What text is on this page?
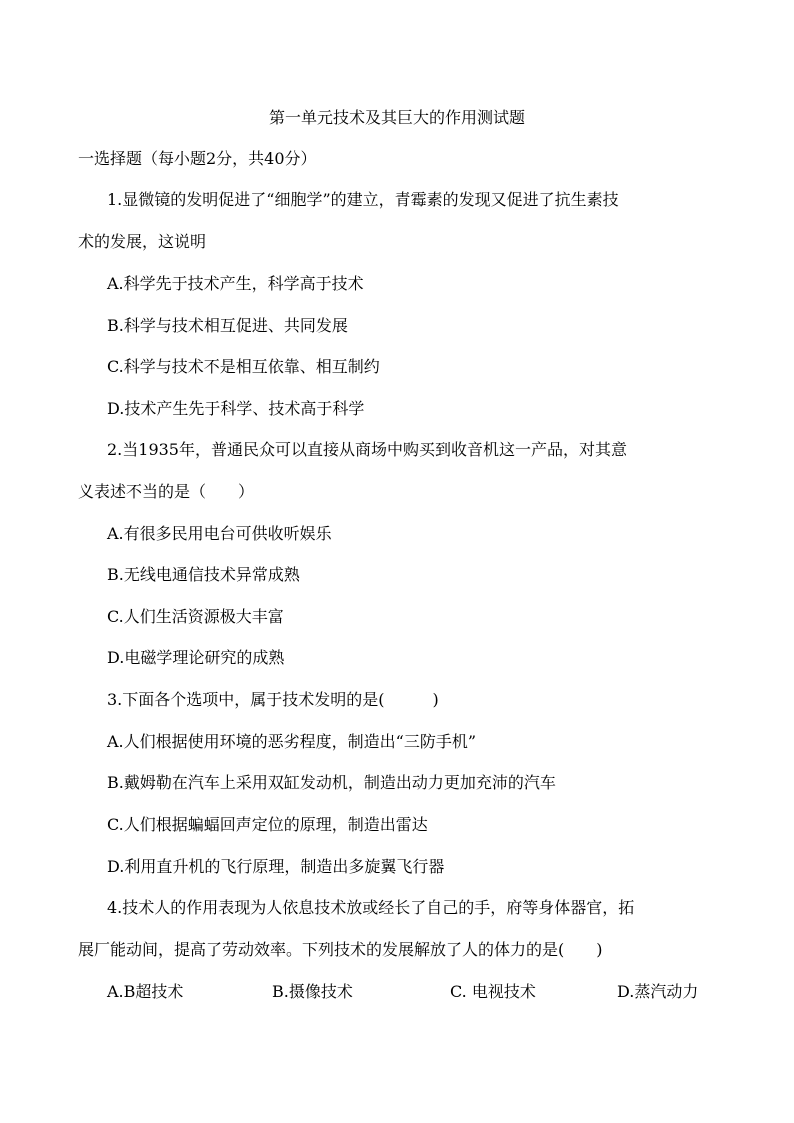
第一单元技术及其巨大的作用测试题
一选择题（每小题2分，共40分）
1.显微镜的发明促进了“细胞学”的建立，青霉素的发现又促进了抗生素技
术的发展，这说明
A.科学先于技术产生，科学高于技术
B.科学与技术相互促进、共同发展
C.科学与技术不是相互依靠、相互制约
D.技术产生先于科学、技术高于科学
2.当1935年，普通民众可以直接从商场中购买到收音机这一产品，对其意
义表述不当的是（　　）
A.有很多民用电台可供收听娱乐
B.无线电通信技术异常成熟
C.人们生活资源极大丰富
D.电磁学理论研究的成熟
3.下面各个选项中，属于技术发明的是(　　　)
A.人们根据使用环境的恶劣程度，制造出“三防手机”
B.戴姆勒在汽车上采用双缸发动机，制造出动力更加充沛的汽车
C.人们根据蝙蝠回声定位的原理，制造出雷达
D.利用直升机的飞行原理，制造出多旋翼飞行器
4.技术人的作用表现为人依息技术放或经长了自己的手，府等身体器官，拓
展厂能动间，提高了劳动效率。下列技术的发展解放了人的体力的是(　　)
A.B超技术	B.摄像技术	C. 电视技术	D.蒸汽动力
